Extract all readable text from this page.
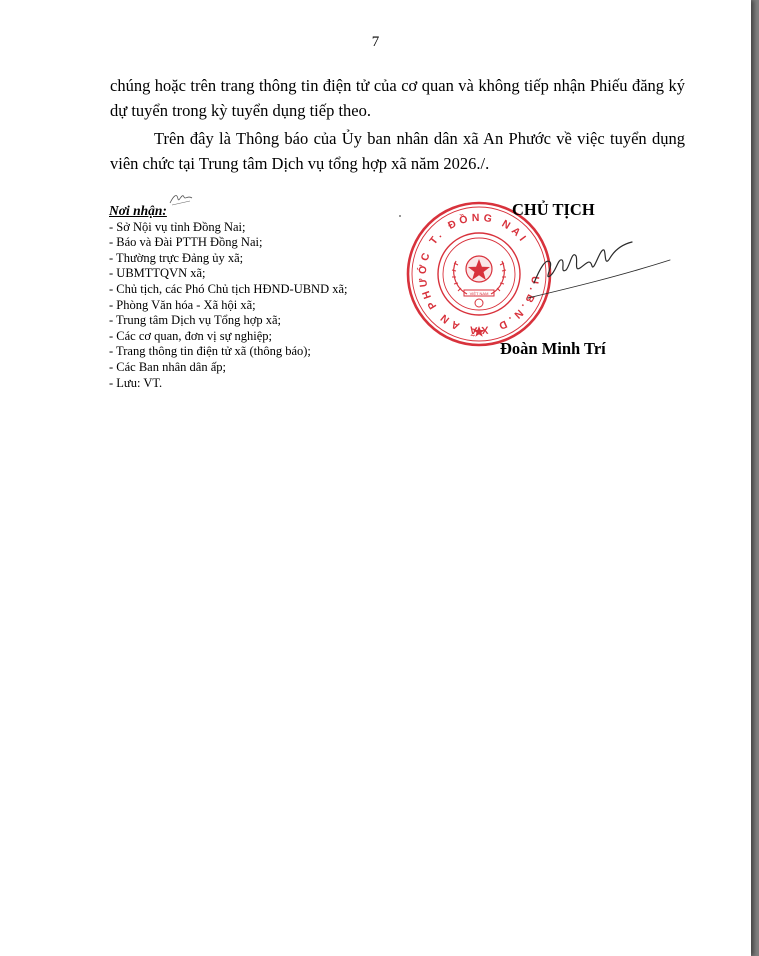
7

chúng hoặc trên trang thông tin điện tử của cơ quan và không tiếp nhận Phiếu đăng ký dự tuyển trong kỳ tuyển dụng tiếp theo.

Trên đây là Thông báo của Ủy ban nhân dân xã An Phước về việc tuyển dụng viên chức tại Trung tâm Dịch vụ tổng hợp xã năm 2026./.

Nơi nhận:
- Sở Nội vụ tỉnh Đồng Nai;
- Báo và Đài PTTH Đồng Nai;
- Thường trực Đảng ủy xã;
- UBMTTQVN xã;
- Chủ tịch, các Phó Chủ tịch HĐND-UBND xã;
- Phòng Văn hóa - Xã hội xã;
- Trung tâm Dịch vụ Tổng hợp xã;
- Các cơ quan, đơn vị sự nghiệp;
- Trang thông tin điện tử xã (thông báo);
- Các Ban nhân dân ấp;
- Lưu: VT.
U.B.N.D XÃ AN PHƯỚC T. ĐỒNG NAI
VIỆT NAM
CHỦ TỊCH
Đoàn Minh Trí
